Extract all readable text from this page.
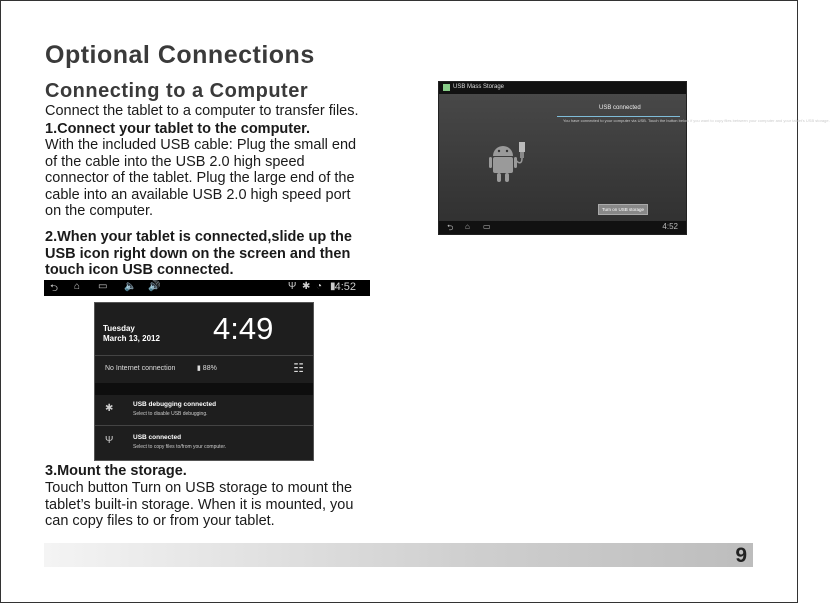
Optional Connections
Connecting to a Computer
Connect the tablet to a computer to transfer files.
1.Connect your tablet to the computer.
With the included USB cable: Plug the small end of the cable into the USB 2.0 high speed connector of the tablet. Plug the large end of the cable into an available USB 2.0 high speed port on the computer.
2.When your tablet is connected,slide up the USB icon right down on the screen and then touch icon USB connected.
USB Mass Storage
USB connected
You have connected to your computer via USB. Touch the button below if you want to copy files between your computer and your tablet's USB storage.
Turn on USB storage
⮌ ⌂ ▭	4:52
⮌ ⌂ ▭ 🔈 🔊	Ψ ✱ ◔ ▮ 4:52
Tuesday
March 13, 2012 4:49
No Internet connection	▮ 88%	☷
✱	USB debugging connected
Select to disable USB debugging.
Ψ	USB connected
Select to copy files to/from your computer.
3.Mount the storage.
Touch button Turn on USB storage to mount the tablet’s built-in storage. When it is mounted, you can copy files to or from your tablet.
9
